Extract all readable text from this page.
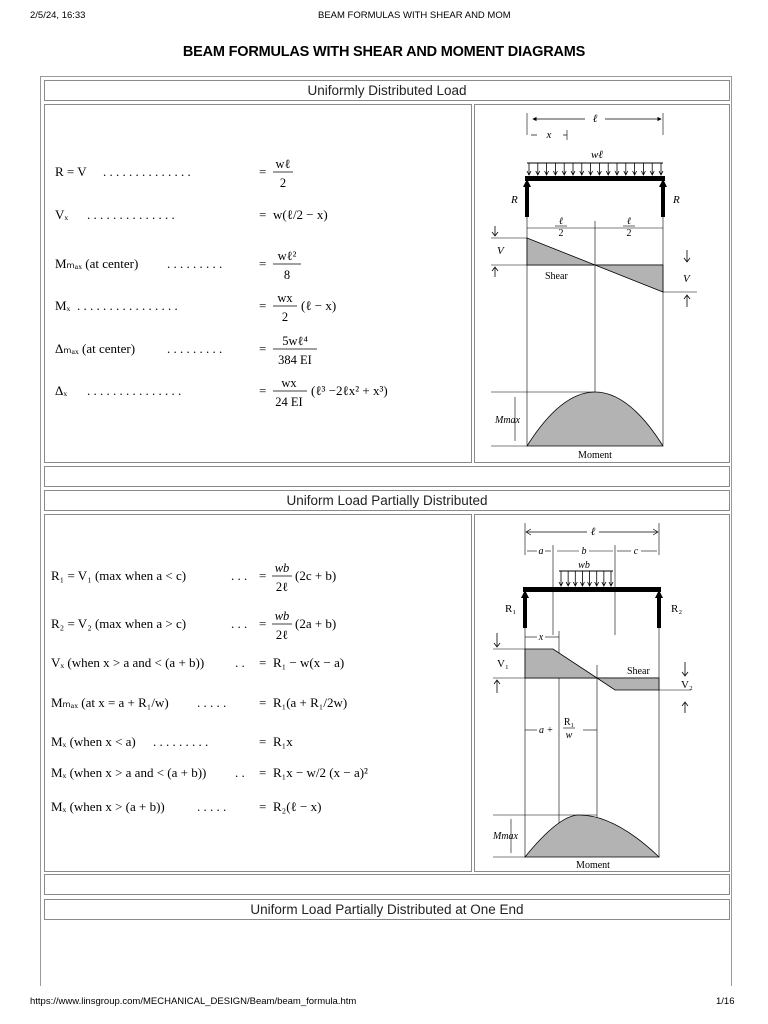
2/5/24, 16:33	BEAM FORMULAS WITH SHEAR AND MOM
BEAM FORMULAS WITH SHEAR AND MOMENT DIAGRAMS
Uniformly Distributed Load
R = V . . . . . . . . . . . . . .	= wℓ
2
Vₓ . . . . . . . . . . . . . .	= w(ℓ/2 − x)
Mₘₐₓ (at center) . . . . . . . . .	= wℓ²
8
Mₓ . . . . . . . . . . . . . . . .	= wx
2
(ℓ − x)
Δₘₐₓ (at center) . . . . . . . . .	= 5wℓ⁴
384 EI
Δₓ . . . . . . . . . . . . . . .	= wx
24 EI
(ℓ³ −2ℓx² + x³)
ℓ
x
wℓ
R	R
ℓ
2
ℓ
2
V
Shear	V
Mmax
Moment
Uniform Load Partially Distributed
R₁ = V₁ (max when a < c)	. . . = wb
2ℓ
(2c + b)
R₂ = V₂ (max when a > c)	. . . = wb
2ℓ
(2a + b)
Vₓ (when x > a and < (a + b)) . . = R₁ − w(x − a)
Mₘₐₓ (at x = a + R₁/w) . . . . .	= R₁(a + R₁/2w)
Mₓ (when x < a) . . . . . . . . .	= R₁x
Mₓ (when x > a and < (a + b)) . . = R₁x − w/2 (x − a)²
Mₓ (when x > (a + b)) . . . . .	= R₂(ℓ − x)
ℓ
a	b	c
wb
R₁	R₂
x
V₁
Shear
V₂
a +
R₁
w
Mmax
Moment
Uniform Load Partially Distributed at One End
https://www.linsgroup.com/MECHANICAL_DESIGN/Beam/beam_formula.htm	1/16
